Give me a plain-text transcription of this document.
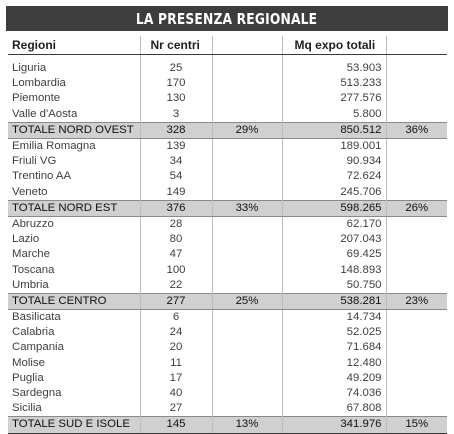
LA PRESENZA REGIONALE
Regioni	Nr centri		Mq expo totali	

Liguria	25		53.903	
Lombardia	170		513.233	
Piemonte	130		277.576	
Valle d'Aosta	3		5.800	
TOTALE NORD OVEST	328	29%	850.512	36%
Emilia Romagna	139		189.001	
Friuli VG	34		90.934	
Trentino AA	54		72.624	
Veneto	149		245.706	
TOTALE NORD EST	376	33%	598.265	26%
Abruzzo	28		62.170	
Lazio	80		207.043	
Marche	47		69.425	
Toscana	100		148.893	
Umbria	22		50.750	
TOTALE CENTRO	277	25%	538.281	23%
Basilicata	6		14.734	
Calabria	24		52.025	
Campania	20		71.684	
Molise	11		12.480	
Puglia	17		49.209	
Sardegna	40		74.036	
Sicilia	27		67.808	
TOTALE SUD E ISOLE	145	13%	341.976	15%
